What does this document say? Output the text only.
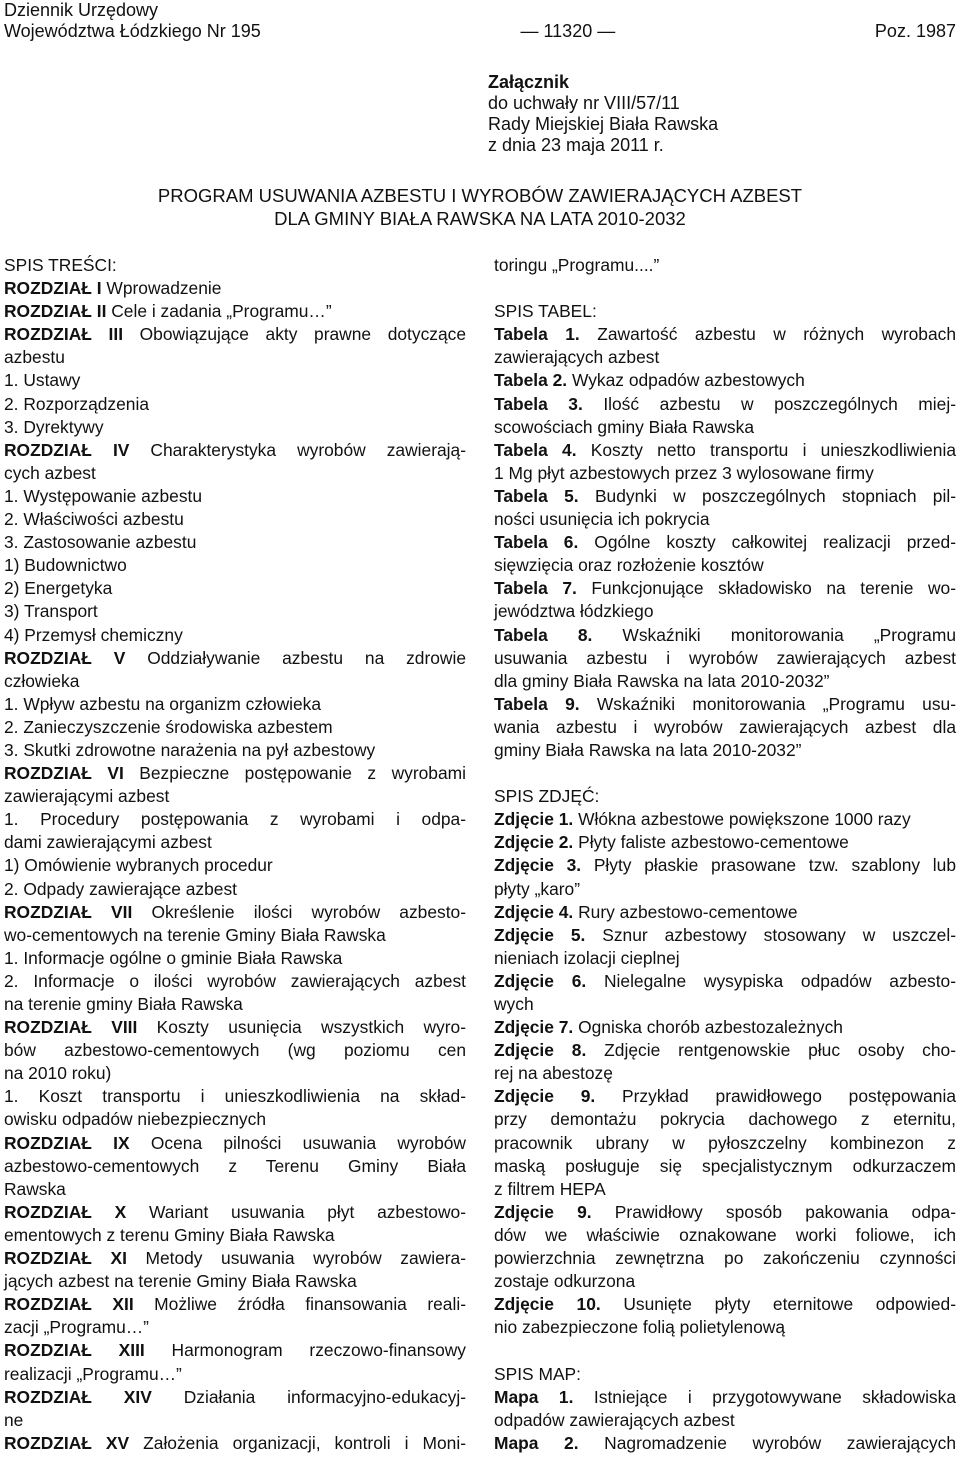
Dziennik Urzędowy
Województwa Łódzkiego Nr 195	— 11320 —	Poz. 1987
Załącznik
do uchwały nr VIII/57/11
Rady Miejskiej Biała Rawska
z dnia 23 maja 2011 r.
PROGRAM USUWANIA AZBESTU I WYROBÓW ZAWIERAJĄCYCH AZBEST
DLA GMINY BIAŁA RAWSKA NA LATA 2010-2032
SPIS TREŚCI:
ROZDZIAŁ I Wprowadzenie
ROZDZIAŁ II Cele i zadania „Programu…”
ROZDZIAŁ III Obowiązujące akty prawne dotyczące
azbestu
1. Ustawy
2. Rozporządzenia
3. Dyrektywy
ROZDZIAŁ IV Charakterystyka wyrobów zawierają-
cych azbest
1. Występowanie azbestu
2. Właściwości azbestu
3. Zastosowanie azbestu
1) Budownictwo
2) Energetyka
3) Transport
4) Przemysł chemiczny
ROZDZIAŁ V Oddziaływanie azbestu na zdrowie
człowieka
1. Wpływ azbestu na organizm człowieka
2. Zanieczyszczenie środowiska azbestem
3. Skutki zdrowotne narażenia na pył azbestowy
ROZDZIAŁ VI Bezpieczne postępowanie z wyrobami
zawierającymi azbest
1. Procedury postępowania z wyrobami i odpa-
dami zawierającymi azbest
1) Omówienie wybranych procedur
2. Odpady zawierające azbest
ROZDZIAŁ VII Określenie ilości wyrobów azbesto-
wo-cementowych na terenie Gminy Biała Rawska
1. Informacje ogólne o gminie Biała Rawska
2. Informacje o ilości wyrobów zawierających azbest
na terenie gminy Biała Rawska
ROZDZIAŁ VIII Koszty usunięcia wszystkich wyro-
bów azbestowo-cementowych (wg poziomu cen
na 2010 roku)
1. Koszt transportu i unieszkodliwienia na skład-
owisku odpadów niebezpiecznych
ROZDZIAŁ IX Ocena pilności usuwania wyrobów
azbestowo-cementowych z Terenu Gminy Biała
Rawska
ROZDZIAŁ X Wariant usuwania płyt azbestowo-
ementowych z terenu Gminy Biała Rawska
ROZDZIAŁ XI Metody usuwania wyrobów zawiera-
jących azbest na terenie Gminy Biała Rawska
ROZDZIAŁ XII Możliwe źródła finansowania reali-
zacji „Programu…”
ROZDZIAŁ XIII Harmonogram rzeczowo-finansowy
realizacji „Programu…”
ROZDZIAŁ XIV Działania informacyjno-edukacyj-
ne
ROZDZIAŁ XV Założenia organizacji, kontroli i Moni-
toringu „Programu....”
SPIS TABEL:
Tabela 1. Zawartość azbestu w różnych wyrobach
zawierających azbest
Tabela 2. Wykaz odpadów azbestowych
Tabela 3. Ilość azbestu w poszczególnych miej-
scowościach gminy Biała Rawska
Tabela 4. Koszty netto transportu i unieszkodliwienia
1 Mg płyt azbestowych przez 3 wylosowane firmy
Tabela 5. Budynki w poszczególnych stopniach pil-
ności usunięcia ich pokrycia
Tabela 6. Ogólne koszty całkowitej realizacji przed-
sięwzięcia oraz rozłożenie kosztów
Tabela 7. Funkcjonujące składowisko na terenie wo-
jewództwa łódzkiego
Tabela 8. Wskaźniki monitorowania „Programu
usuwania azbestu i wyrobów zawierających azbest
dla gminy Biała Rawska na lata 2010-2032”
Tabela 9. Wskaźniki monitorowania „Programu usu-
wania azbestu i wyrobów zawierających azbest dla
gminy Biała Rawska na lata 2010-2032”
SPIS ZDJĘĆ:
Zdjęcie 1. Włókna azbestowe powiększone 1000 razy
Zdjęcie 2. Płyty faliste azbestowo-cementowe
Zdjęcie 3. Płyty płaskie prasowane tzw. szablony lub
płyty „karo”
Zdjęcie 4. Rury azbestowo-cementowe
Zdjęcie 5. Sznur azbestowy stosowany w uszczel-
nieniach izolacji cieplnej
Zdjęcie 6. Nielegalne wysypiska odpadów azbesto-
wych
Zdjęcie 7. Ogniska chorób azbestozależnych
Zdjęcie 8. Zdjęcie rentgenowskie płuc osoby cho-
rej na abestozę
Zdjęcie 9. Przykład prawidłowego postępowania
przy demontażu pokrycia dachowego z eternitu,
pracownik ubrany w pyłoszczelny kombinezon z
maską posługuje się specjalistycznym odkurzaczem
z filtrem HEPA
Zdjęcie 9. Prawidłowy sposób pakowania odpa-
dów we właściwie oznakowane worki foliowe, ich
powierzchnia zewnętrzna po zakończeniu czynności
zostaje odkurzona
Zdjęcie 10. Usunięte płyty eternitowe odpowied-
nio zabezpieczone folią polietylenową
SPIS MAP:
Mapa 1. Istniejące i przygotowywane składowiska
odpadów zawierających azbest
Mapa 2. Nagromadzenie wyrobów zawierających
